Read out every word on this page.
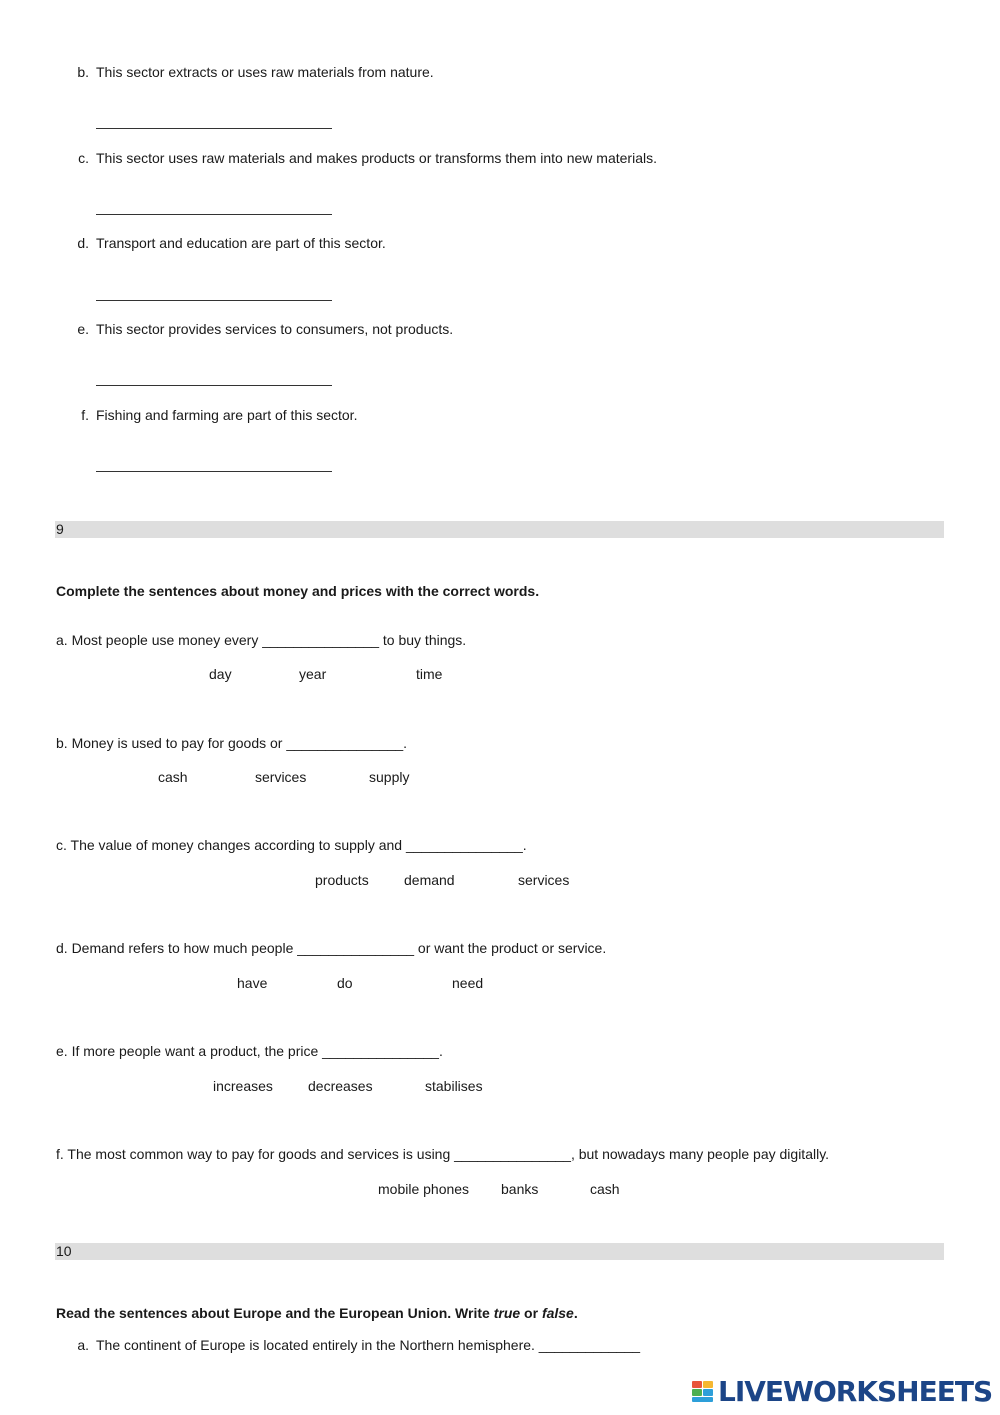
b. This sector extracts or uses raw materials from nature.
c. This sector uses raw materials and makes products or transforms them into new materials.
d. Transport and education are part of this sector.
e. This sector provides services to consumers, not products.
f. Fishing and farming are part of this sector.
9
Complete the sentences about money and prices with the correct words.
a. Most people use money every _______________ to buy things.
day	year	time
b. Money is used to pay for goods or _______________.
cash	services	supply
c. The value of money changes according to supply and _______________.
products	demand	services
d. Demand refers to how much people _______________ or want the product or service.
have	do	need
e. If more people want a product, the price _______________.
increases	decreases	stabilises
f. The most common way to pay for goods and services is using _______________, but nowadays many people pay digitally.
mobile phones banks	cash
10
Read the sentences about Europe and the European Union. Write true or false.
a. The continent of Europe is located entirely in the Northern hemisphere. _____________
LIVEWORKSHEETS
